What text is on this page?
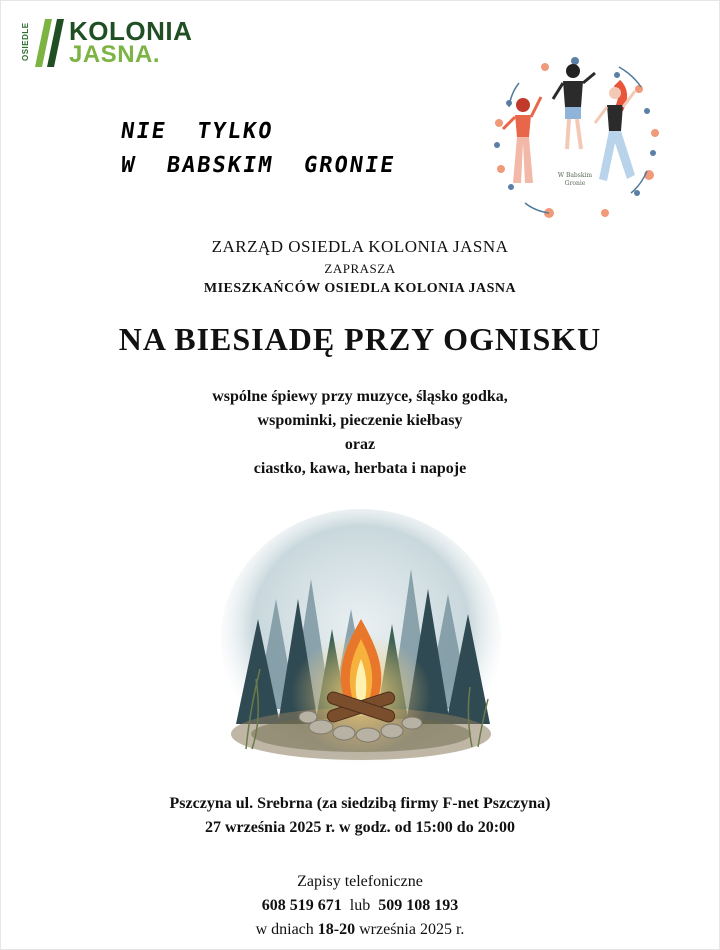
OSIEDLE KOLONIA
JASNA.
NIE  TYLKO
W  BABSKIM  GRONIE	W Babskim
Gronie
ZARZĄD OSIEDLA KOLONIA JASNA
ZAPRASZA
MIESZKAŃCÓW OSIEDLA KOLONIA JASNA
NA BIESIADĘ PRZY OGNISKU
wspólne śpiewy przy muzyce, śląsko godka,
wspominki, pieczenie kiełbasy
oraz
ciastko, kawa, herbata i napoje
Pszczyna ul. Srebrna (za siedzibą firmy F-net Pszczyna)
27 września 2025 r. w godz. od 15:00 do 20:00
Zapisy telefoniczne
608 519 671 lub 509 108 193
w dniach 18-20 września 2025 r.
